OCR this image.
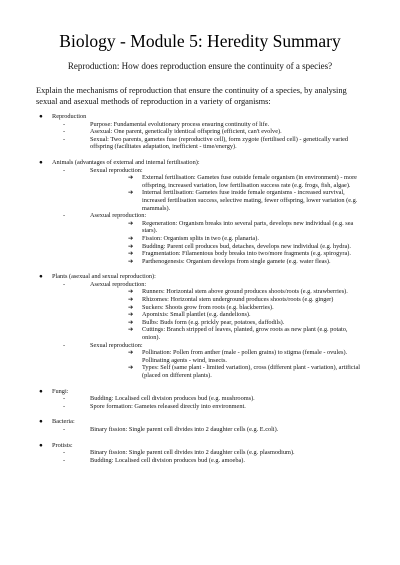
Biology - Module 5: Heredity Summary
Reproduction: How does reproduction ensure the continuity of a species?
Explain the mechanisms of reproduction that ensure the continuity of a species, by analysing sexual and asexual methods of reproduction in a variety of organisms:
● Reproduction
-	Purpose: Fundamental evolutionary process ensuring continuity of life.
-	Asexual: One parent, genetically identical offspring (efficient, can't evolve).
-	Sexual: Two parents, gametes fuse (reproductive cell), form zygote (fertilised cell) - genetically varied offspring (facilitates adaptation, inefficient - time/energy).
● Animals (advantages of external and internal fertilisation):
-	Sexual reproduction:
➔ External fertilisation: Gametes fuse outside female organism (in environment) - more offspring, increased variation, low fertilisation success rate (e.g. frogs, fish, algae).
➔ Internal fertilisation: Gametes fuse inside female organisms - increased survival, increased fertilisation success, selective mating, fewer offspring, lower variation (e.g. mammals).
-	Asexual reproduction:
➔ Regeneration: Organism breaks into several parts, develops new individual (e.g. sea stars).
➔ Fission: Organism splits in two (e.g. planaria).
➔ Budding: Parent cell produces bud, detaches, develops new individual (e.g. hydra).
➔ Fragmentation: Filamentous body breaks into two/more fragments (e.g. spirogyra).
➔ Parthenogenesis: Organism develops from single gamete (e.g. water fleas).
● Plants (asexual and sexual reproduction):
-	Asexual reproduction:
➔ Runners: Horizontal stem above ground produces shoots/roots (e.g. strawberries).
➔ Rhizomes: Horizontal stem underground produces shoots/roots (e.g. ginger)
➔ Suckers: Shoots grow from roots (e.g. blackberries).
➔ Apomixis: Small plantlet (e.g. dandelions).
➔ Bulbs: Buds form (e.g. prickly pear, potatoes, daffodils).
➔ Cuttings: Branch stripped of leaves, planted, grow roots as new plant (e.g. potato, onion).
-	Sexual reproduction:
➔ Pollination: Pollen from anther (male - pollen grains) to stigma (female - ovules). Pollinating agents - wind, insects.
➔ Types: Self (same plant - limited variation), cross (different plant - variation), artificial (placed on different plants).
● Fungi:
-	Budding: Localised cell division produces bud (e.g. mushrooms).
-	Spore formation: Gametes released directly into environment.
● Bacteria:
-	Binary fission: Single parent cell divides into 2 daughter cells (e.g. E.coli).
● Protists:
-	Binary fission: Single parent cell divides into 2 daughter cells (e.g. plasmodium).
-	Budding: Localised cell division produces bud (e.g. amoeba).
